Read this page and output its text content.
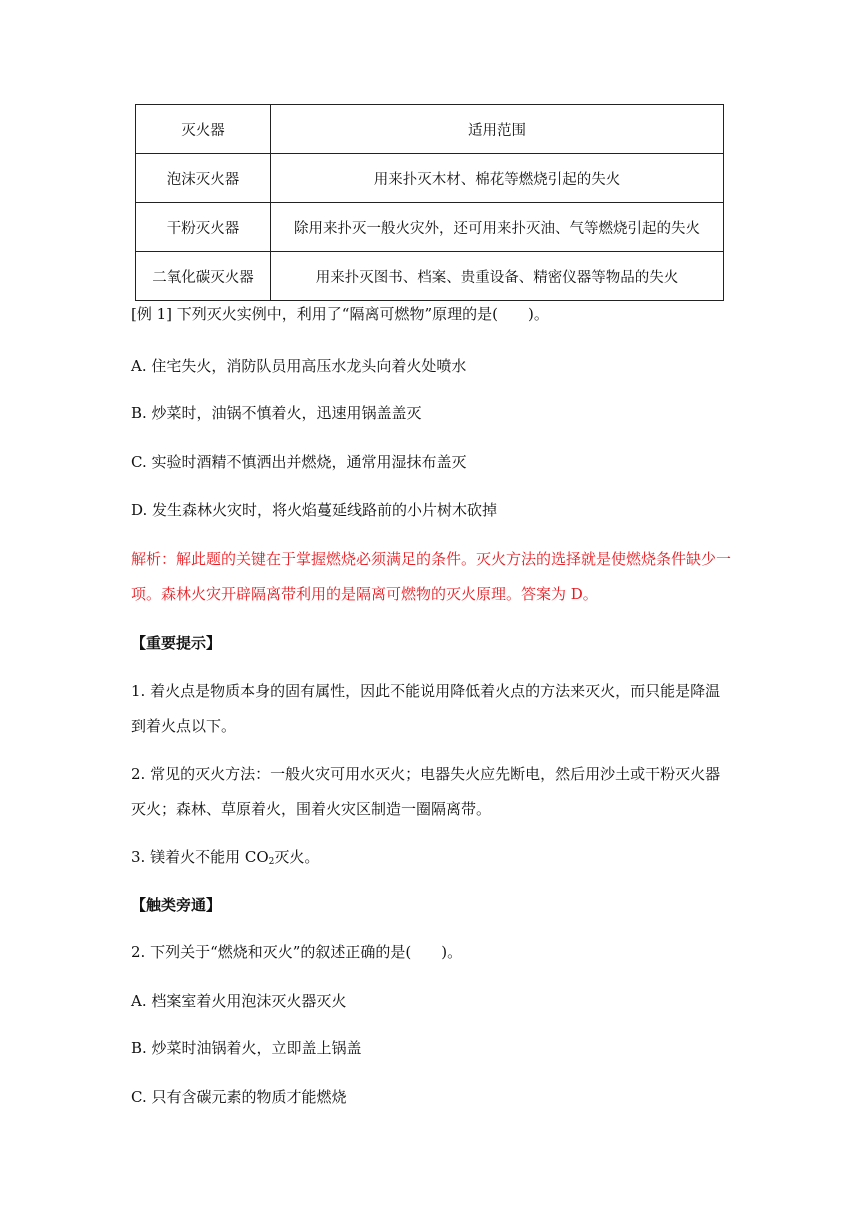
灭火器	适用范围
泡沫灭火器	用来扑灭木材、棉花等燃烧引起的失火
干粉灭火器	除用来扑灭一般火灾外，还可用来扑灭油、气等燃烧引起的失火
二氧化碳灭火器	用来扑灭图书、档案、贵重设备、精密仪器等物品的失火
[例 1] 下列灭火实例中，利用了“隔离可燃物”原理的是(　　)。
A. 住宅失火，消防队员用高压水龙头向着火处喷水
B. 炒菜时，油锅不慎着火，迅速用锅盖盖灭
C. 实验时酒精不慎洒出并燃烧，通常用湿抹布盖灭
D. 发生森林火灾时，将火焰蔓延线路前的小片树木砍掉
解析：解此题的关键在于掌握燃烧必须满足的条件。灭火方法的选择就是使燃烧条件缺少一
项。森林火灾开辟隔离带利用的是隔离可燃物的灭火原理。答案为 D。
【重要提示】
1. 着火点是物质本身的固有属性，因此不能说用降低着火点的方法来灭火，而只能是降温
到着火点以下。
2. 常见的灭火方法：一般火灾可用水灭火；电器失火应先断电，然后用沙土或干粉灭火器
灭火；森林、草原着火，围着火灾区制造一圈隔离带。
3. 镁着火不能用 $CO_2$灭火。
【触类旁通】
2. 下列关于“燃烧和灭火”的叙述正确的是(　　)。
A. 档案室着火用泡沫灭火器灭火
B. 炒菜时油锅着火，立即盖上锅盖
C. 只有含碳元素的物质才能燃烧
